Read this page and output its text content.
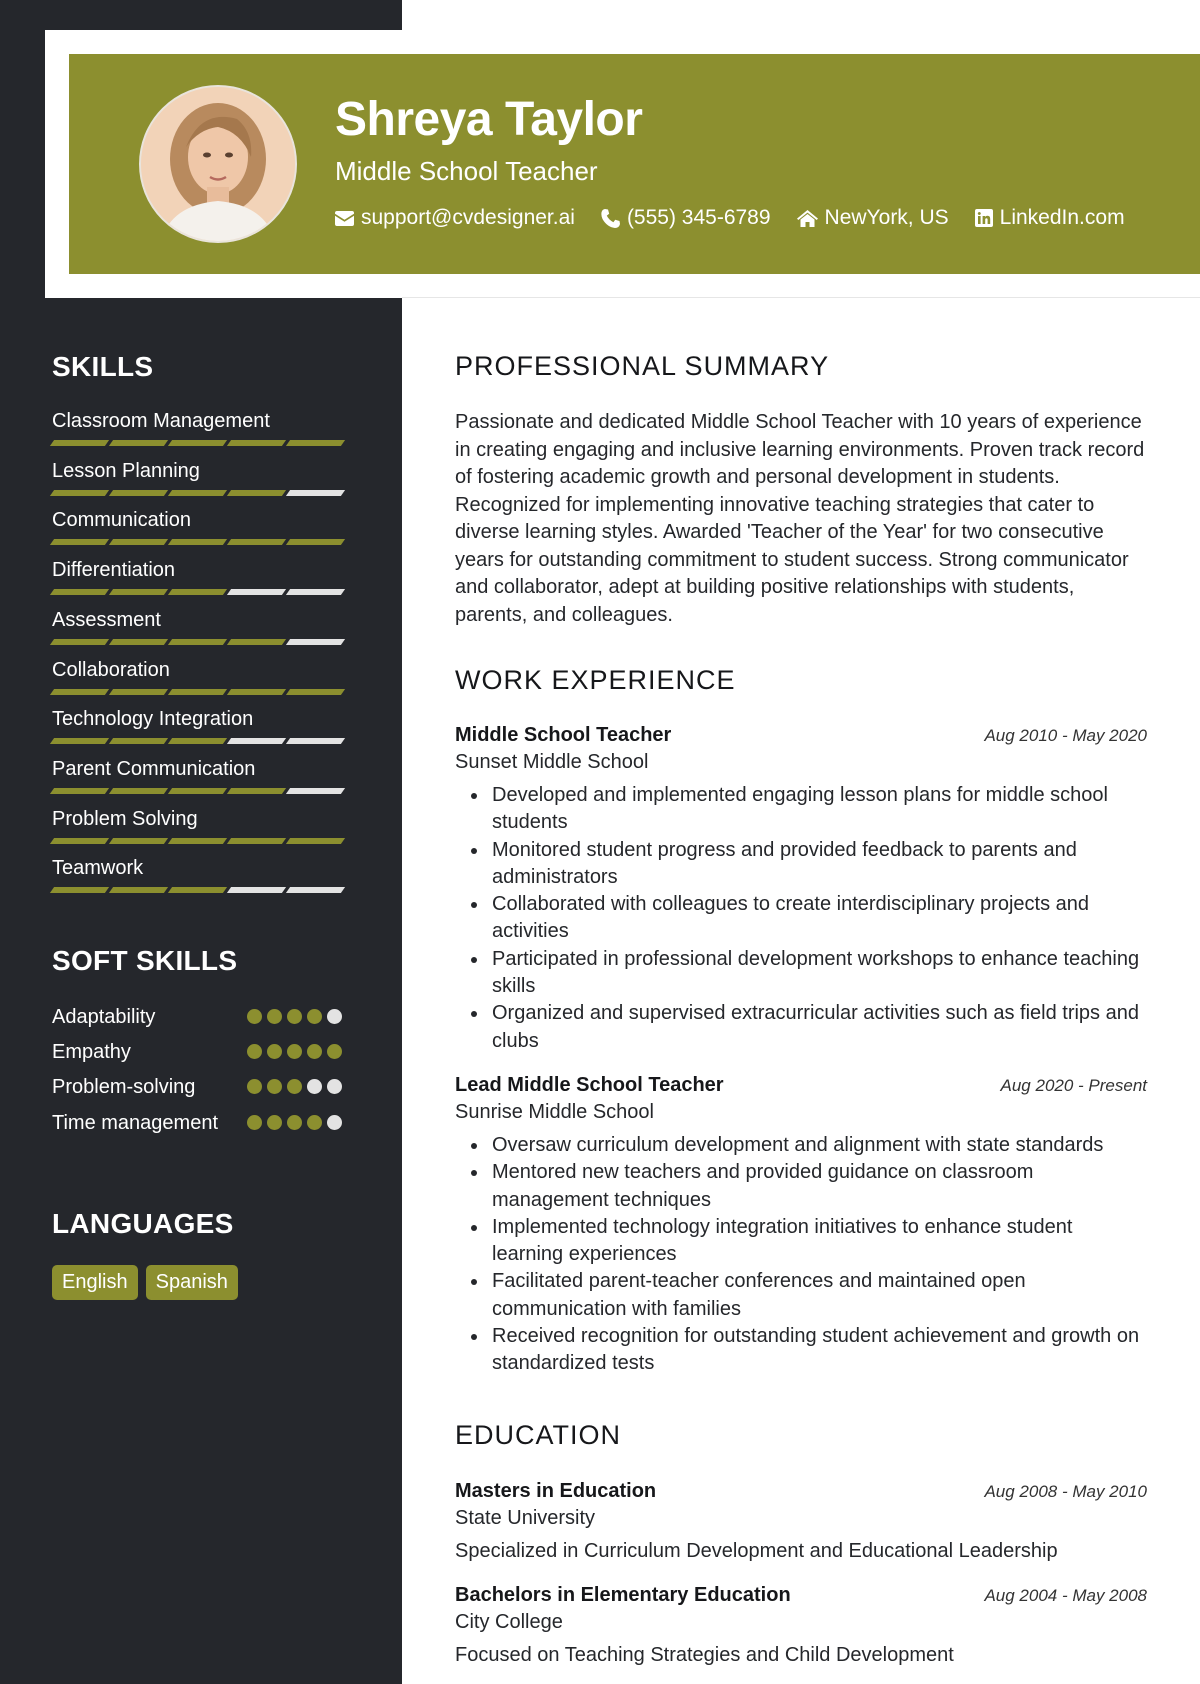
Shreya Taylor
Middle School Teacher
support@cvdesigner.ai (555) 345-6789	NewYork, US LinkedIn.com
SKILLS
Classroom Management
Lesson Planning
Communication
Differentiation
Assessment
Collaboration
Technology Integration
Parent Communication
Problem Solving
Teamwork
SOFT SKILLS
Adaptability
Empathy
Problem-solving
Time management
LANGUAGES
English	Spanish
PROFESSIONAL SUMMARY
Passionate and dedicated Middle School Teacher with 10 years of experience in creating engaging and inclusive learning environments. Proven track record of fostering academic growth and personal development in students. Recognized for implementing innovative teaching strategies that cater to diverse learning styles. Awarded 'Teacher of the Year' for two consecutive years for outstanding commitment to student success. Strong communicator and collaborator, adept at building positive relationships with students, parents, and colleagues.
WORK EXPERIENCE
Middle School Teacher	Aug 2010 - May 2020
Sunset Middle School
Developed and implemented engaging lesson plans for middle school students
Monitored student progress and provided feedback to parents and administrators
Collaborated with colleagues to create interdisciplinary projects and activities
Participated in professional development workshops to enhance teaching skills
Organized and supervised extracurricular activities such as field trips and clubs
Lead Middle School Teacher	Aug 2020 - Present
Sunrise Middle School
Oversaw curriculum development and alignment with state standards
Mentored new teachers and provided guidance on classroom management techniques
Implemented technology integration initiatives to enhance student learning experiences
Facilitated parent-teacher conferences and maintained open communication with families
Received recognition for outstanding student achievement and growth on standardized tests
EDUCATION
Masters in Education	Aug 2008 - May 2010
State University
Specialized in Curriculum Development and Educational Leadership
Bachelors in Elementary Education	Aug 2004 - May 2008
City College
Focused on Teaching Strategies and Child Development
